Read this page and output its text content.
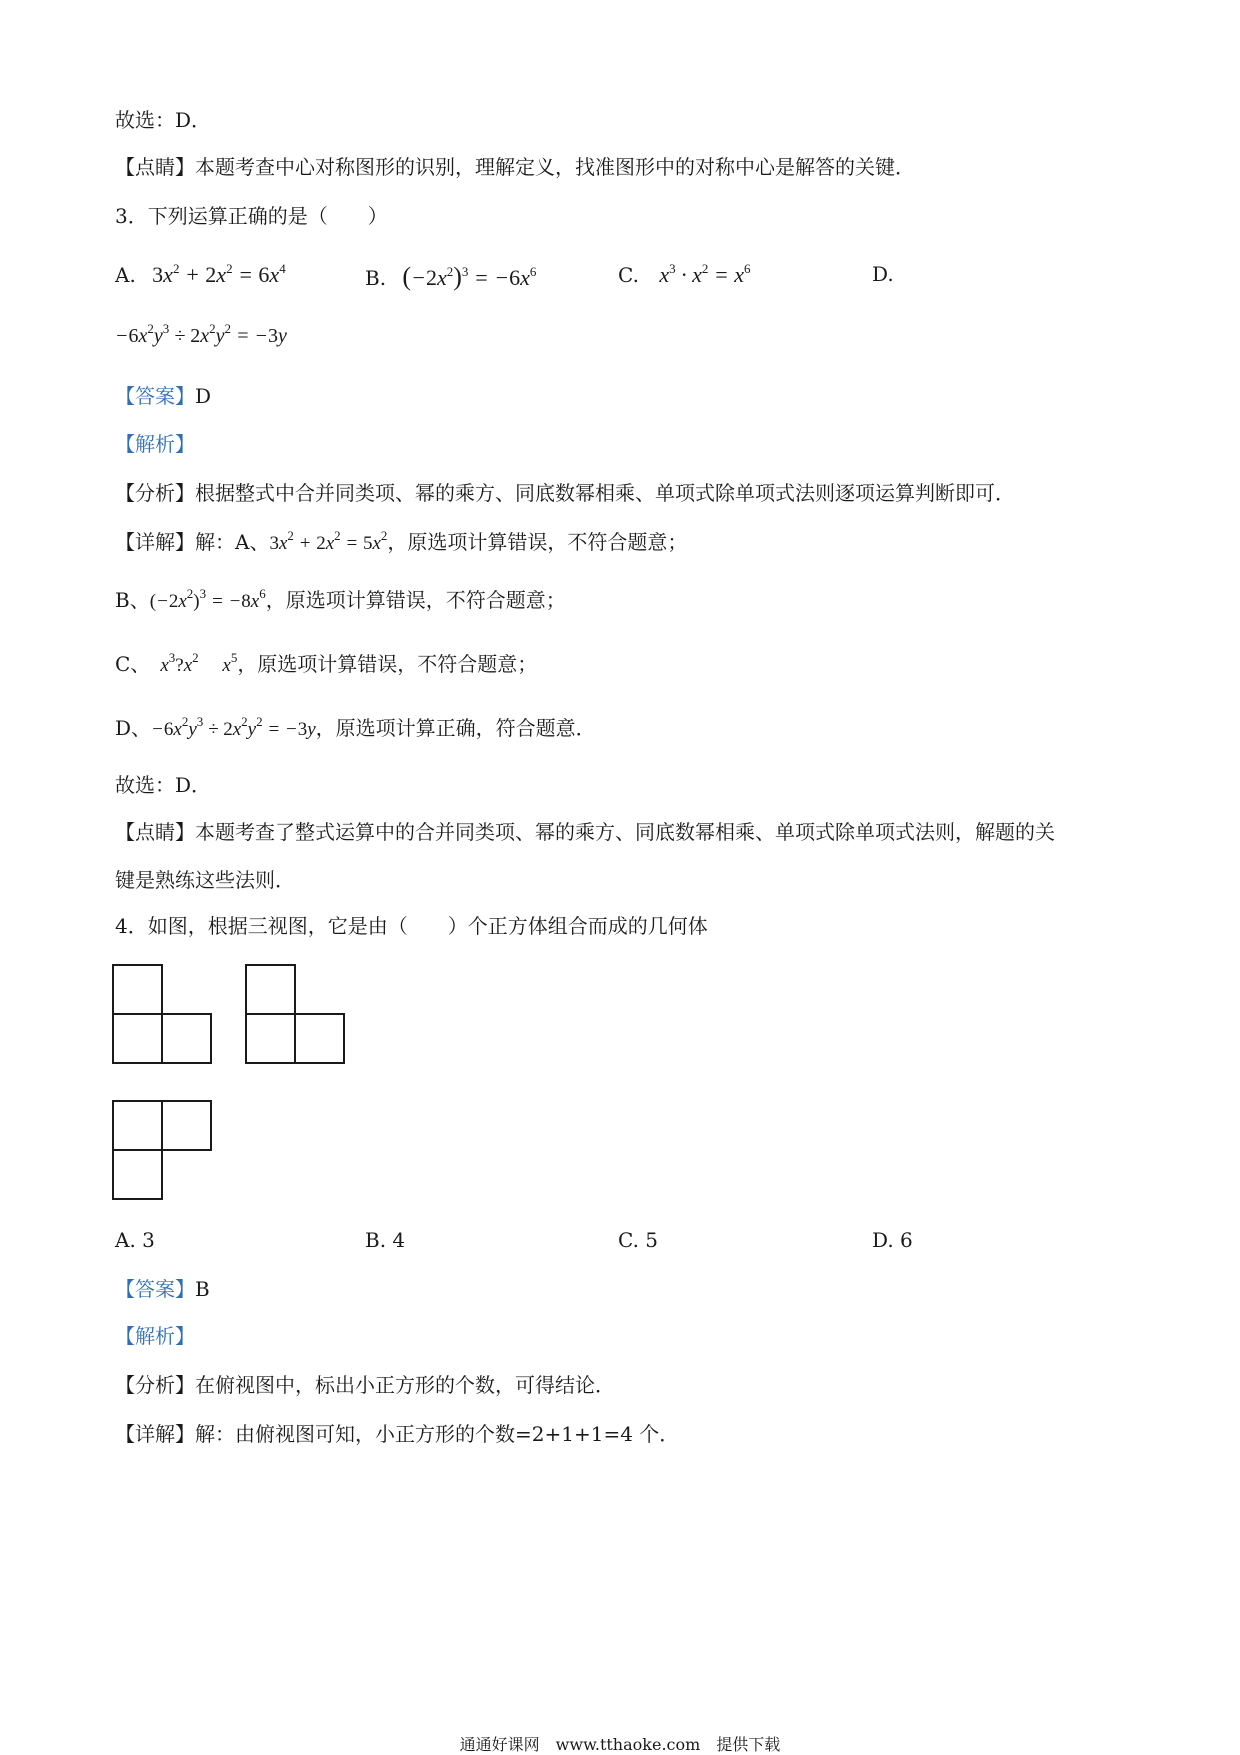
故选：D．
【点睛】本题考查中心对称图形的识别，理解定义，找准图形中的对称中心是解答的关键．
3．下列运算正确的是（　　）
A. $3x^2 + 2x^2 = 6x^4$	B. $(-2x^2)^3 = -6x^6$	C. $x^3 \cdot x^2 = x^6$	D.
$-6x^2y^3 \div 2x^2y^2 = -3y$
【答案】D
【解析】
【分析】根据整式中合并同类项、幂的乘方、同底数幂相乘、单项式除单项式法则逐项运算判断即可．
【详解】解：A、$3x^2 + 2x^2 = 5x^2$，原选项计算错误，不符合题意；
B、$(-2x^2)^3 = -8x^6$，原选项计算错误，不符合题意；
C、 $x^3?x^2$     $x^5$，原选项计算错误，不符合题意；
D、$-6x^2y^3 \div 2x^2y^2 = -3y$，原选项计算正确，符合题意．
故选：D．
【点睛】本题考查了整式运算中的合并同类项、幂的乘方、同底数幂相乘、单项式除单项式法则，解题的关
键是熟练这些法则．
4．如图，根据三视图，它是由（　　）个正方体组合而成的几何体
A. 3	B. 4	C. 5	D. 6
【答案】B
【解析】
【分析】在俯视图中，标出小正方形的个数，可得结论．
【详解】解：由俯视图可知，小正方形的个数=2+1+1=4 个．
通通好课网　www.tthaoke.com　提供下载
